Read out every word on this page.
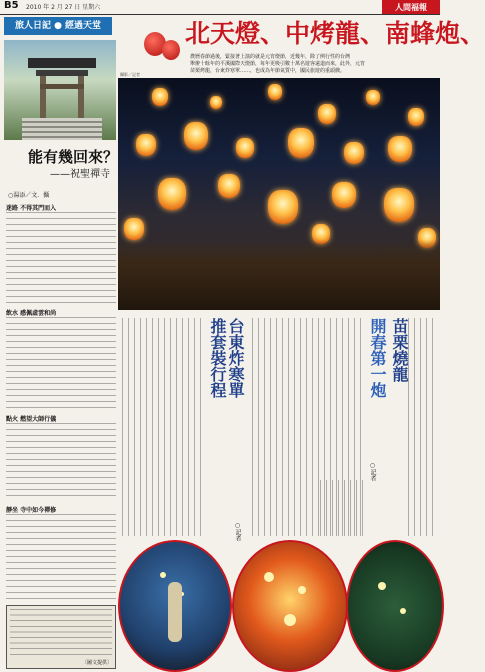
B5 2010 年 2 月 27 日 星期六	人間福報
旅人日記 ● 經過天堂
能有幾回來？
——祝聖禪寺
○湯添／文．攝
迷路 不得其門而入
飲水 感佩虛雲和尚
點火 燃望大師行儀
靜坐 寺中如今禪修
〔圖文提供〕
北天燈、中烤龍、南蜂炮、
農曆春節過後，緊接著上演的就是元宵燈節，近幾年，除了例行性的台灣
舉辦十餘年的平溪國際天燈節，每年更吸引數十萬名遊客遠道而來，此外，元宵
苗栗烤龍，台東炸寒單……，也成為年節氣質中，國民旅遊的重頭戲。
攝影／記者
台東炸寒單
推套裝行程
○記者
苗栗燒龍
開春第一炮
○記者
